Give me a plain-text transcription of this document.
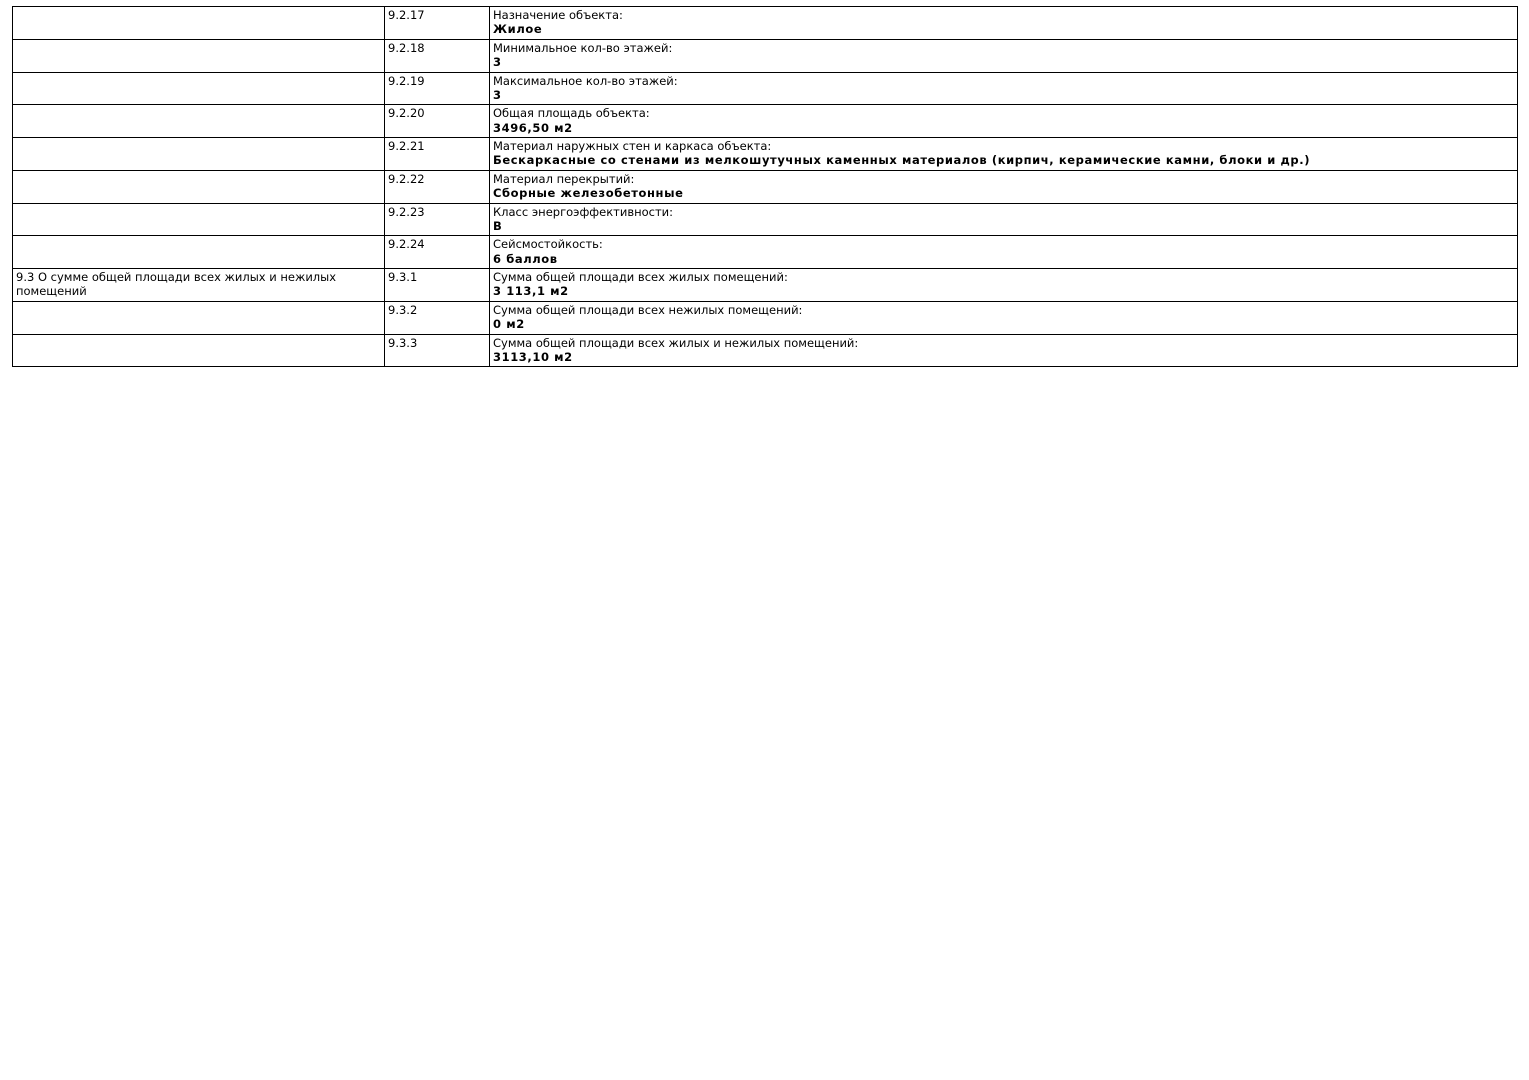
	9.2.17	Назначение объекта:
Жилое

	9.2.18	Минимальное кол-во этажей:
3

	9.2.19	Максимальное кол-во этажей:
3

	9.2.20	Общая площадь объекта:
3496,50 м2

	9.2.21	Материал наружных стен и каркаса объекта:
Бескаркасные со стенами из мелкошутучных каменных материалов (кирпич, керамические камни, блоки и др.)

	9.2.22	Материал перекрытий:
Сборные железобетонные

	9.2.23	Класс энергоэффективности:
B

	9.2.24	Сейсмостойкость:
6 баллов

9.3 О сумме общей площади всех жилых и нежилых помещений	9.3.1	Сумма общей площади всех жилых помещений:
3 113,1 м2

	9.3.2	Сумма общей площади всех нежилых помещений:
0 м2

	9.3.3	Сумма общей площади всех жилых и нежилых помещений:
3113,10 м2
